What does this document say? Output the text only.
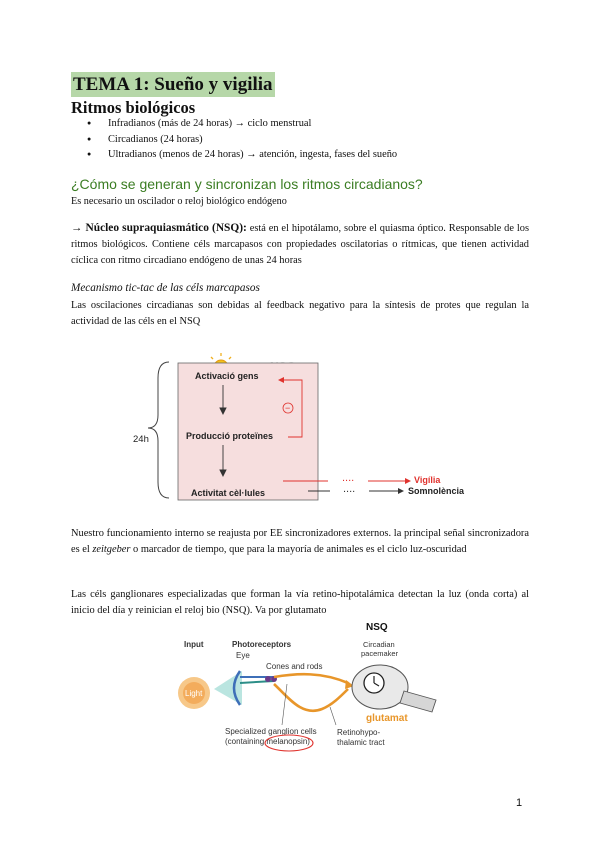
TEMA 1: Sueño y vigilia
Ritmos biológicos
● Infradianos (más de 24 horas) → ciclo menstrual
● Circadianos (24 horas)
● Ultradianos (menos de 24 horas) → atención, ingesta, fases del sueño
¿Cómo se generan y sincronizan los ritmos circadianos?
Es necesario un oscilador o reloj biológico endógeno
→ Núcleo supraquiasmático (NSQ): está en el hipotálamo, sobre el quiasma óptico. Responsable de los ritmos biológicos. Contiene céls marcapasos con propiedades oscilatorias o rítmicas, que tienen actividad cíclica con ritmo circadiano endógeno de unas 24 horas
Mecanismo tic-tac de las céls marcapasos
Las oscilaciones circadianas son debidas al feedback negativo para la síntesis de protes que regulan la actividad de las céls en el NSQ
24h
Activació gens
Producció proteïnes
Activitat cèl·lules
−
....	Vigília
....	Somnolència
Nuestro funcionamiento interno se reajusta por EE sincronizadores externos. la principal señal sincronizadora es el zeitgeber o marcador de tiempo, que para la mayoría de animales es el ciclo luz-oscuridad
Las céls ganglionares especializadas que forman la vía retino-hipotalámica detectan la luz (onda corta) al inicio del día y reinician el reloj bio (NSQ). Va por glutamato
NSQ
Input	Photoreceptors
Eye
Cones and rods
Circadian
pacemaker
Light
glutamat
Specialized ganglion cells
(containing melanopsin)
Retinohypo-
thalamic tract
1
